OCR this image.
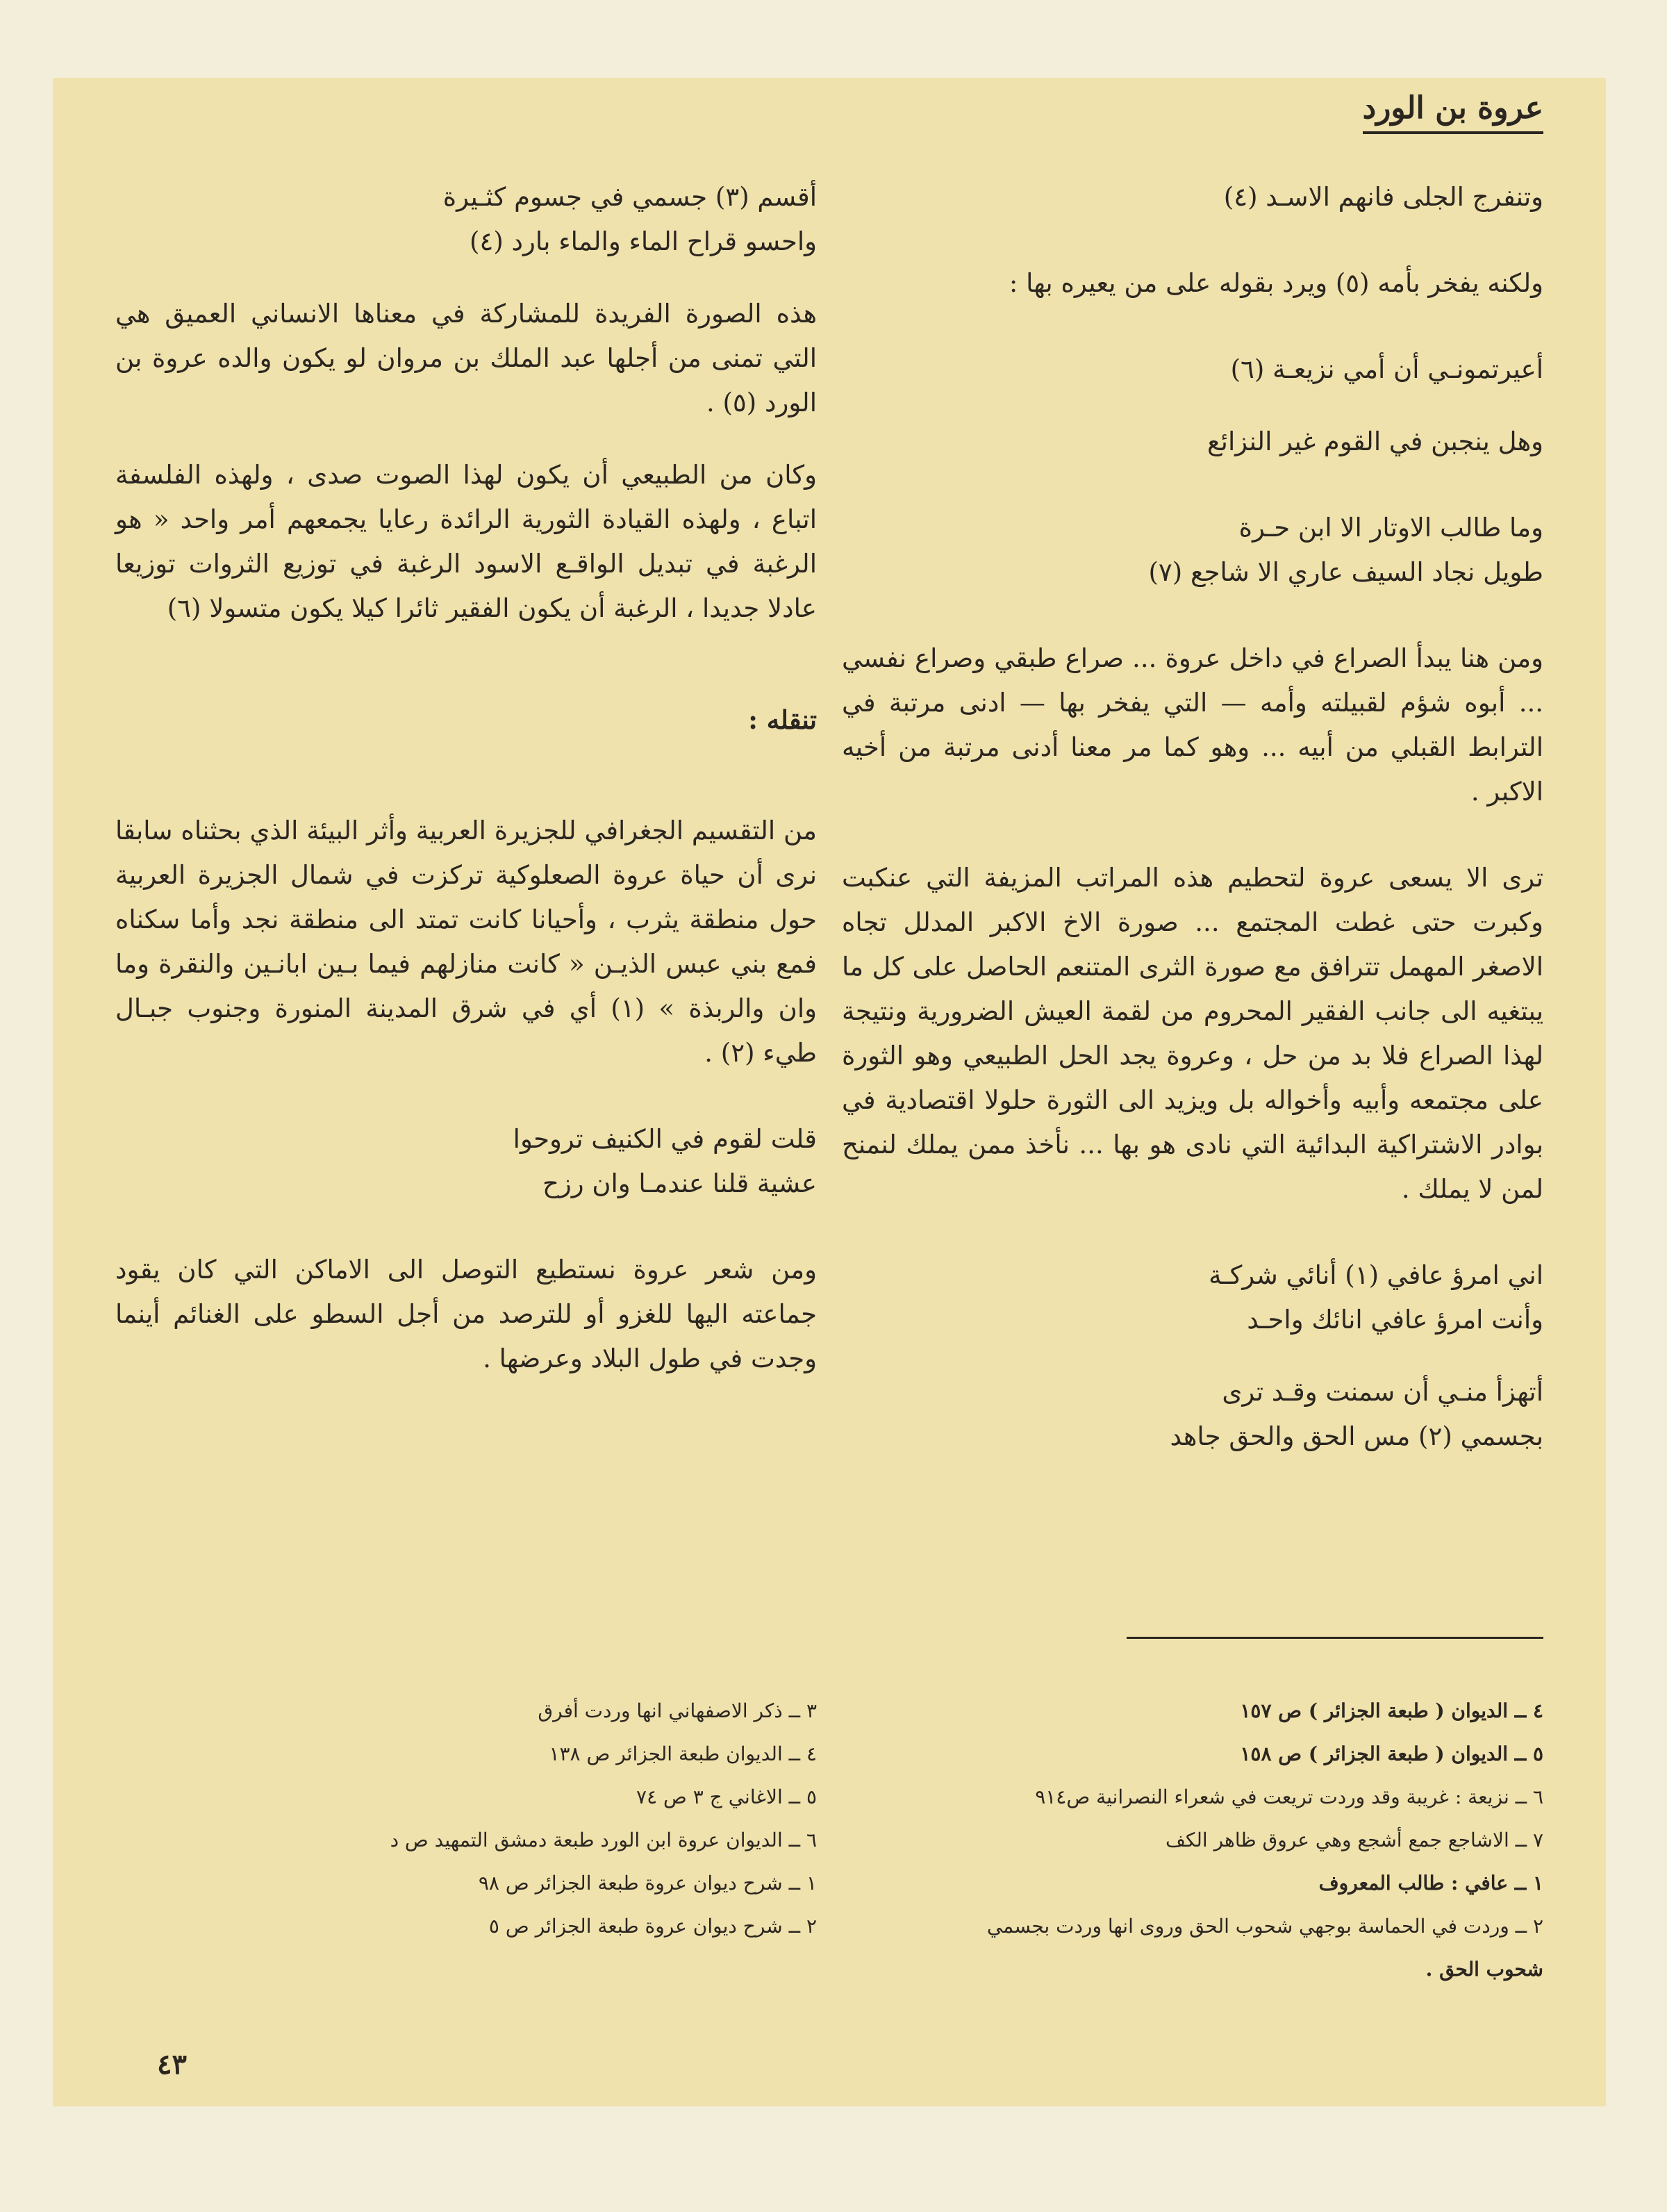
عروة بن الورد
وتنفرج الجلى فانهم الاسـد (٤)

ولكنه يفخر بأمه (٥) ويرد بقوله على من يعيره بها :

أعيرتمونـي أن أمي نزيعـة (٦)
وهل ينجبن في القوم غير النزائع
وما طالب الاوتار الا ابن حـرة
طويل نجاد السيف عاري الا شاجع (٧)

ومن هنا يبدأ الصراع في داخل عروة ... صراع طبقي وصراع نفسي ... أبوه شؤم لقبيلته وأمه — التي يفخر بها — ادنى مرتبة في الترابط القبلي من أبيه ... وهو كما مر معنا أدنى مرتبة من أخيه الاكبر .

ترى الا يسعى عروة لتحطيم هذه المراتب المزيفة التي عنكبت وكبرت حتى غطت المجتمع ... صورة الاخ الاكبر المدلل تجاه الاصغر المهمل تترافق مع صورة الثرى المتنعم الحاصل على كل ما يبتغيه الى جانب الفقير المحروم من لقمة العيش الضرورية ونتيجة لهذا الصراع فلا بد من حل ، وعروة يجد الحل الطبيعي وهو الثورة على مجتمعه وأبيه وأخواله بل ويزيد الى الثورة حلولا اقتصادية في بوادر الاشتراكية البدائية التي نادى هو بها ... نأخذ ممن يملك لنمنح لمن لا يملك .

اني امرؤ عافي (١) أنائي شركـة
وأنت امرؤ عافي انائك واحـد
أتهزأ منـي أن سمنت وقـد ترى
بجسمي (٢) مس الحق والحق جاهد
أقسم (٣) جسمي في جسوم كثـيرة
واحسو قراح الماء والماء بارد (٤)

هذه الصورة الفريدة للمشاركة في معناها الانساني العميق هي التي تمنى من أجلها عبد الملك بن مروان لو يكون والده عروة بن الورد (٥) .

وكان من الطبيعي أن يكون لهذا الصوت صدى ، ولهذه الفلسفة اتباع ، ولهذه القيادة الثورية الرائدة رعايا يجمعهم أمر واحد « هو الرغبة في تبديل الواقـع الاسود الرغبة في توزيع الثروات توزيعا عادلا جديدا ، الرغبة أن يكون الفقير ثائرا كيلا يكون متسولا (٦)

تنقله :

من التقسيم الجغرافي للجزيرة العربية وأثر البيئة الذي بحثناه سابقا نرى أن حياة عروة الصعلوكية تركزت في شمال الجزيرة العربية حول منطقة يثرب ، وأحيانا كانت تمتد الى منطقة نجد وأما سكناه فمع بني عبس الذيـن « كانت منازلهم فيما بـين ابانـين والنقرة وما وان والربذة » (١) أي في شرق المدينة المنورة وجنوب جبـال طيء (٢) .

قلت لقوم في الكنيف تروحوا
عشية قلنا عندمـا وان رزح

ومن شعر عروة نستطيع التوصل الى الاماكن التي كان يقود جماعته اليها للغزو أو للترصد من أجل السطو على الغنائم أينما وجدت في طول البلاد وعرضها .

٤ ــ الديوان ( طبعة الجزائر ) ص ١٥٧
٥ ــ الديوان ( طبعة الجزائر ) ص ١٥٨
٦ ــ نزيعة : غريبة وقد وردت تريعت في شعراء النصرانية ص٩١٤
٧ ــ الاشاجع جمع أشجع وهي عروق ظاهر الكف
١ ــ عافي : طالب المعروف
٢ ــ وردت في الحماسة بوجهي شحوب الحق وروى انها وردت بجسمي
شحوب الحق .
٣ ــ ذكر الاصفهاني انها وردت أفرق
٤ ــ الديوان طبعة الجزائر ص ١٣٨
٥ ــ الاغاني ج ٣ ص ٧٤
٦ ــ الديوان عروة ابن الورد طبعة دمشق التمهيد ص د
١ ــ شرح ديوان عروة طبعة الجزائر ص ٩٨
٢ ــ شرح ديوان عروة طبعة الجزائر ص ٥
٤٣
